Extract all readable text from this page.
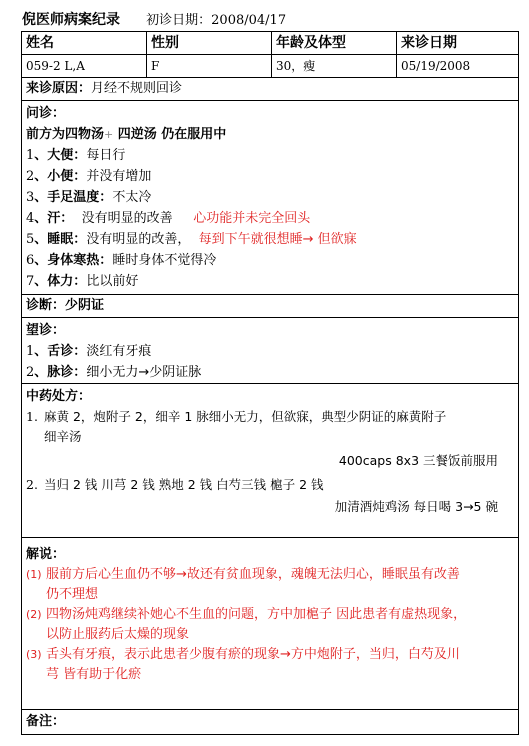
倪医师病案纪录 初诊日期：2008/04/17
姓名	性别	年龄及体型	来诊日期
059-2 L,A	F	30，瘦	05/19/2008
来诊原因：月经不规则回诊
问诊：
前方为四物汤+ 四逆汤 仍在服用中
1、大便：每日行
2、小便：并没有增加
3、手足温度：不太冷
4、汗： 没有明显的改善 心功能并未完全回头
5、睡眠：没有明显的改善， 每到下午就很想睡→ 但欲寐
6、身体寒热：睡时身体不觉得冷
7、体力：比以前好
诊断：少阴证
望诊：
1、舌诊：淡红有牙痕
2、脉诊：细小无力→少阴证脉
中药处方：
1. 麻黄 2，炮附子 2，细辛 1 脉细小无力，但欲寐，典型少阴证的麻黄附子
细辛汤
400caps 8x3 三餐饭前服用
2. 当归 2 钱 川芎 2 钱 熟地 2 钱 白芍三钱 槴子 2 钱
加清酒炖鸡汤 每日喝 3→5 碗
解说：
(1) 服前方后心生血仍不够→故还有贫血现象，魂魄无法归心，睡眠虽有改善
仍不理想
(2) 四物汤炖鸡继续补她心不生血的问题，方中加槴子 因此患者有虚热现象，
以防止服药后太燥的现象
(3) 舌头有牙痕，表示此患者少腹有瘀的现象→方中炮附子，当归，白芍及川
芎 皆有助于化瘀
备注：
